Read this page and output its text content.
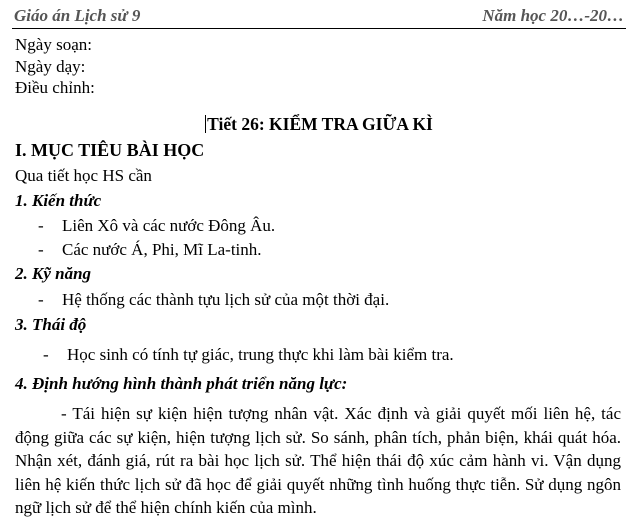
Giáo án Lịch sử 9	Năm học 20…-20…
Ngày soạn:
Ngày dạy:
Điều chỉnh:
Tiết 26: KIỂM TRA GIỮA KÌ
I. MỤC TIÊU BÀI HỌC
Qua tiết học HS cần
1. Kiến thức
- Liên Xô và các nước Đông Âu.
- Các nước Á, Phi, Mĩ La-tinh.
2. Kỹ năng
- Hệ thống các thành tựu lịch sử của một thời đại.
3. Thái độ
- Học sinh có tính tự giác, trung thực khi làm bài kiểm tra.
4. Định hướng hình thành phát triển năng lực:
- Tái hiện sự kiện hiện tượng nhân vật. Xác định và giải quyết mối liên hệ, tác động giữa các sự kiện, hiện tượng lịch sử. So sánh, phân tích, phản biện, khái quát hóa. Nhận xét, đánh giá, rút ra bài học lịch sử. Thể hiện thái độ xúc cảm hành vi. Vận dụng liên hệ kiến thức lịch sử đã học để giải quyết những tình huống thực tiễn. Sử dụng ngôn ngữ lịch sử để thể hiện chính kiến của mình.
